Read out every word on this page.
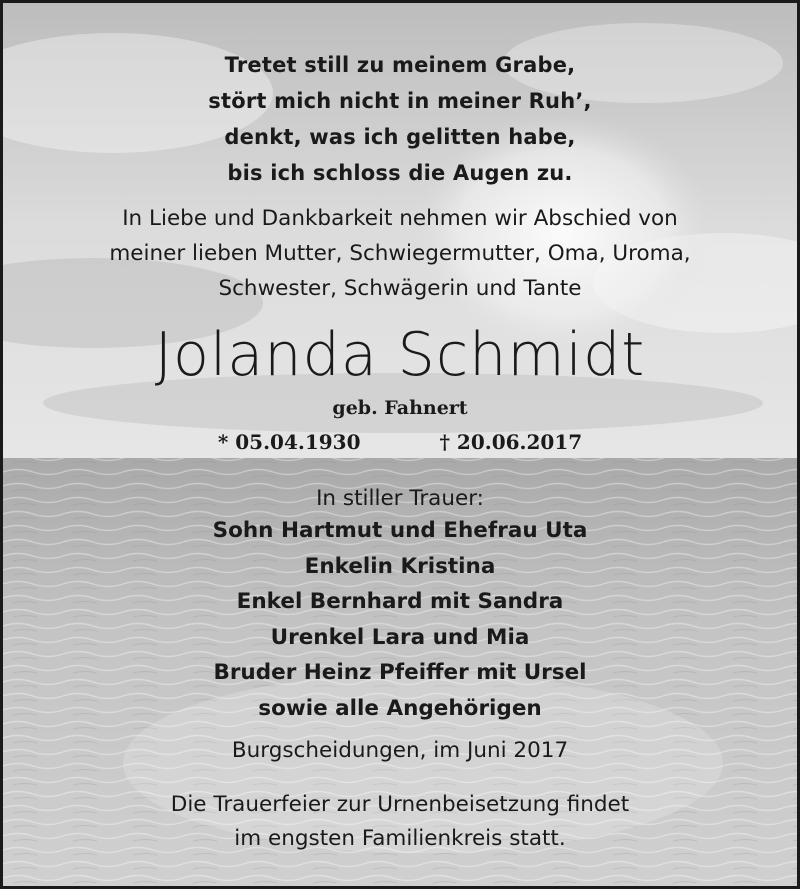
Tretet still zu meinem Grabe,
stört mich nicht in meiner Ruh’,
denkt, was ich gelitten habe,
bis ich schloss die Augen zu.
In Liebe und Dankbarkeit nehmen wir Abschied von
meiner lieben Mutter, Schwiegermutter, Oma, Uroma,
Schwester, Schwägerin und Tante
Jolanda Schmidt
geb. Fahnert
* 05.04.1930	† 20.06.2017
In stiller Trauer:
Sohn Hartmut und Ehefrau Uta
Enkelin Kristina
Enkel Bernhard mit Sandra
Urenkel Lara und Mia
Bruder Heinz Pfeiffer mit Ursel
sowie alle Angehörigen
Burgscheidungen, im Juni 2017
Die Trauerfeier zur Urnenbeisetzung findet
im engsten Familienkreis statt.
